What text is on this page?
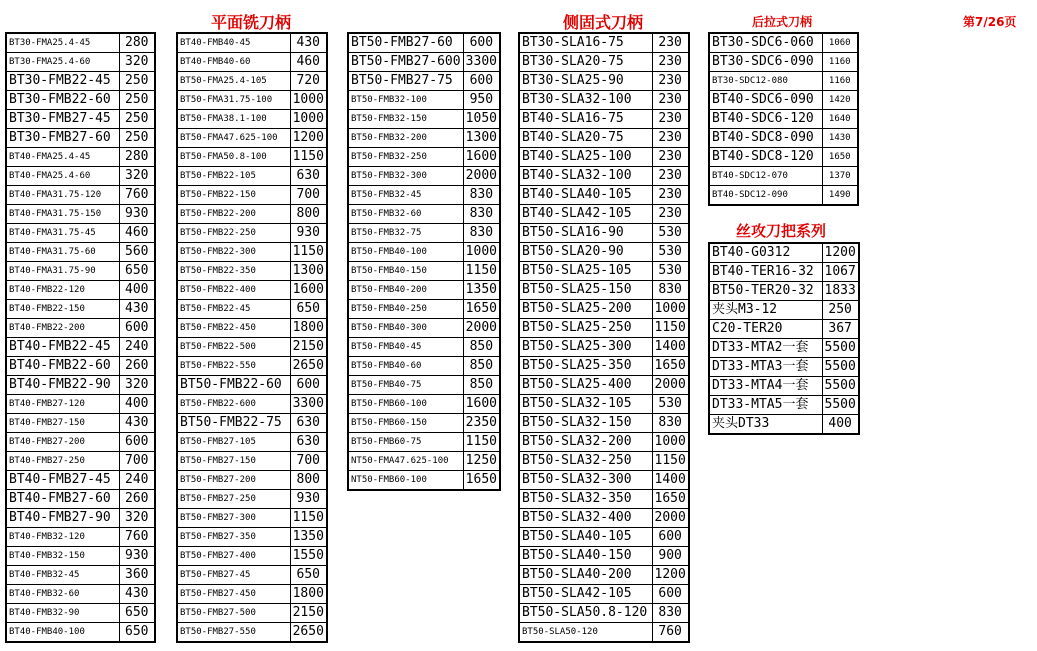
平面铣刀柄	侧固式刀柄	后拉式刀柄	第7/26页
丝攻刀把系列
BT30-FMA25.4-45	280
BT30-FMA25.4-60	320
BT30-FMB22-45	250
BT30-FMB22-60	250
BT30-FMB27-45	250
BT30-FMB27-60	250
BT40-FMA25.4-45	280
BT40-FMA25.4-60	320
BT40-FMA31.75-120	760
BT40-FMA31.75-150	930
BT40-FMA31.75-45	460
BT40-FMA31.75-60	560
BT40-FMA31.75-90	650
BT40-FMB22-120	400
BT40-FMB22-150	430
BT40-FMB22-200	600
BT40-FMB22-45	240
BT40-FMB22-60	260
BT40-FMB22-90	320
BT40-FMB27-120	400
BT40-FMB27-150	430
BT40-FMB27-200	600
BT40-FMB27-250	700
BT40-FMB27-45	240
BT40-FMB27-60	260
BT40-FMB27-90	320
BT40-FMB32-120	760
BT40-FMB32-150	930
BT40-FMB32-45	360
BT40-FMB32-60	430
BT40-FMB32-90	650
BT40-FMB40-100	650
BT40-FMB40-45	430
BT40-FMB40-60	460
BT50-FMA25.4-105	720
BT50-FMA31.75-100	1000
BT50-FMA38.1-100	1000
BT50-FMA47.625-100	1200
BT50-FMA50.8-100	1150
BT50-FMB22-105	630
BT50-FMB22-150	700
BT50-FMB22-200	800
BT50-FMB22-250	930
BT50-FMB22-300	1150
BT50-FMB22-350	1300
BT50-FMB22-400	1600
BT50-FMB22-45	650
BT50-FMB22-450	1800
BT50-FMB22-500	2150
BT50-FMB22-550	2650
BT50-FMB22-60	600
BT50-FMB22-600	3300
BT50-FMB22-75	630
BT50-FMB27-105	630
BT50-FMB27-150	700
BT50-FMB27-200	800
BT50-FMB27-250	930
BT50-FMB27-300	1150
BT50-FMB27-350	1350
BT50-FMB27-400	1550
BT50-FMB27-45	650
BT50-FMB27-450	1800
BT50-FMB27-500	2150
BT50-FMB27-550	2650
BT50-FMB27-60	600
BT50-FMB27-600	3300
BT50-FMB27-75	600
BT50-FMB32-100	950
BT50-FMB32-150	1050
BT50-FMB32-200	1300
BT50-FMB32-250	1600
BT50-FMB32-300	2000
BT50-FMB32-45	830
BT50-FMB32-60	830
BT50-FMB32-75	830
BT50-FMB40-100	1000
BT50-FMB40-150	1150
BT50-FMB40-200	1350
BT50-FMB40-250	1650
BT50-FMB40-300	2000
BT50-FMB40-45	850
BT50-FMB40-60	850
BT50-FMB40-75	850
BT50-FMB60-100	1600
BT50-FMB60-150	2350
BT50-FMB60-75	1150
NT50-FMA47.625-100	1250
NT50-FMB60-100	1650
BT30-SLA16-75	230
BT30-SLA20-75	230
BT30-SLA25-90	230
BT30-SLA32-100	230
BT40-SLA16-75	230
BT40-SLA20-75	230
BT40-SLA25-100	230
BT40-SLA32-100	230
BT40-SLA40-105	230
BT40-SLA42-105	230
BT50-SLA16-90	530
BT50-SLA20-90	530
BT50-SLA25-105	530
BT50-SLA25-150	830
BT50-SLA25-200	1000
BT50-SLA25-250	1150
BT50-SLA25-300	1400
BT50-SLA25-350	1650
BT50-SLA25-400	2000
BT50-SLA32-105	530
BT50-SLA32-150	830
BT50-SLA32-200	1000
BT50-SLA32-250	1150
BT50-SLA32-300	1400
BT50-SLA32-350	1650
BT50-SLA32-400	2000
BT50-SLA40-105	600
BT50-SLA40-150	900
BT50-SLA40-200	1200
BT50-SLA42-105	600
BT50-SLA50.8-120	830
BT50-SLA50-120	760
BT30-SDC6-060	1060
BT30-SDC6-090	1160
BT30-SDC12-080	1160
BT40-SDC6-090	1420
BT40-SDC6-120	1640
BT40-SDC8-090	1430
BT40-SDC8-120	1650
BT40-SDC12-070	1370
BT40-SDC12-090	1490
BT40-G0312	1200
BT40-TER16-32	1067
BT50-TER20-32	1833
夹头M3-12	250
C20-TER20	367
DT33-MTA2一套	5500
DT33-MTA3一套	5500
DT33-MTA4一套	5500
DT33-MTA5一套	5500
夹头DT33	400
